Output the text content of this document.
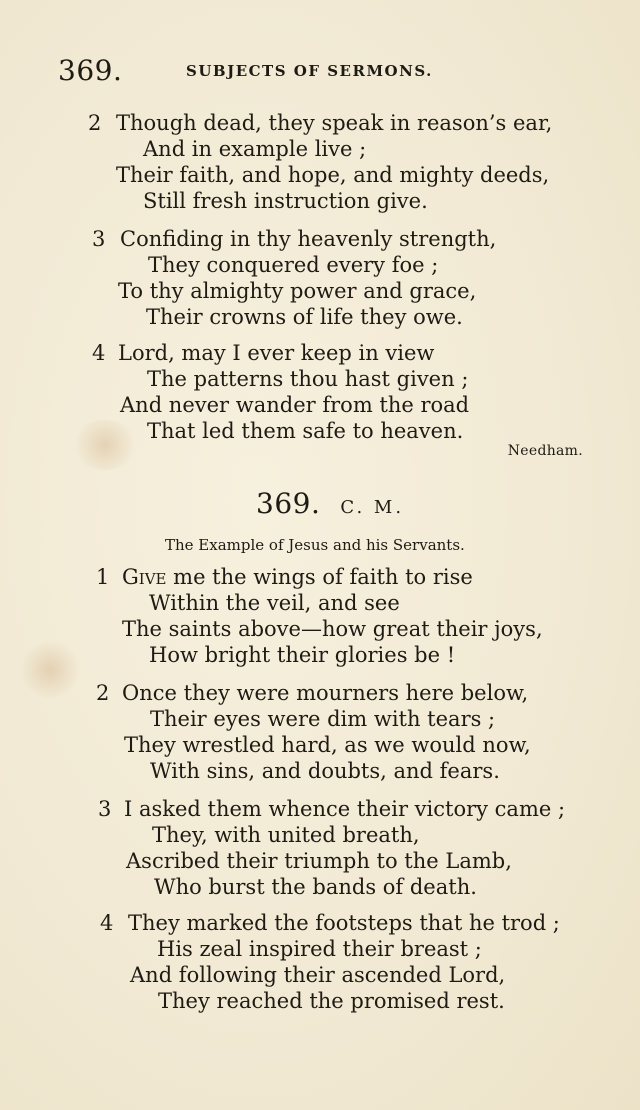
369.	SUBJECTS OF SERMONS.
2 Though dead, they speak in reason’s ear,
And in example live ;
Their faith, and hope, and mighty deeds,
Still fresh instruction give.
3 Confiding in thy heavenly strength,
They conquered every foe ;
To thy almighty power and grace,
Their crowns of life they owe.
4 Lord, may I ever keep in view
The patterns thou hast given ;
And never wander from the road
That led them safe to heaven.
Needham.
369. C. M.
The Example of Jesus and his Servants.
1 Give me the wings of faith to rise
Within the veil, and see
The saints above—how great their joys,
How bright their glories be !
2 Once they were mourners here below,
Their eyes were dim with tears ;
They wrestled hard, as we would now,
With sins, and doubts, and fears.
3 I asked them whence their victory came ;
They, with united breath,
Ascribed their triumph to the Lamb,
Who burst the bands of death.
4 They marked the footsteps that he trod ;
His zeal inspired their breast ;
And following their ascended Lord,
They reached the promised rest.
